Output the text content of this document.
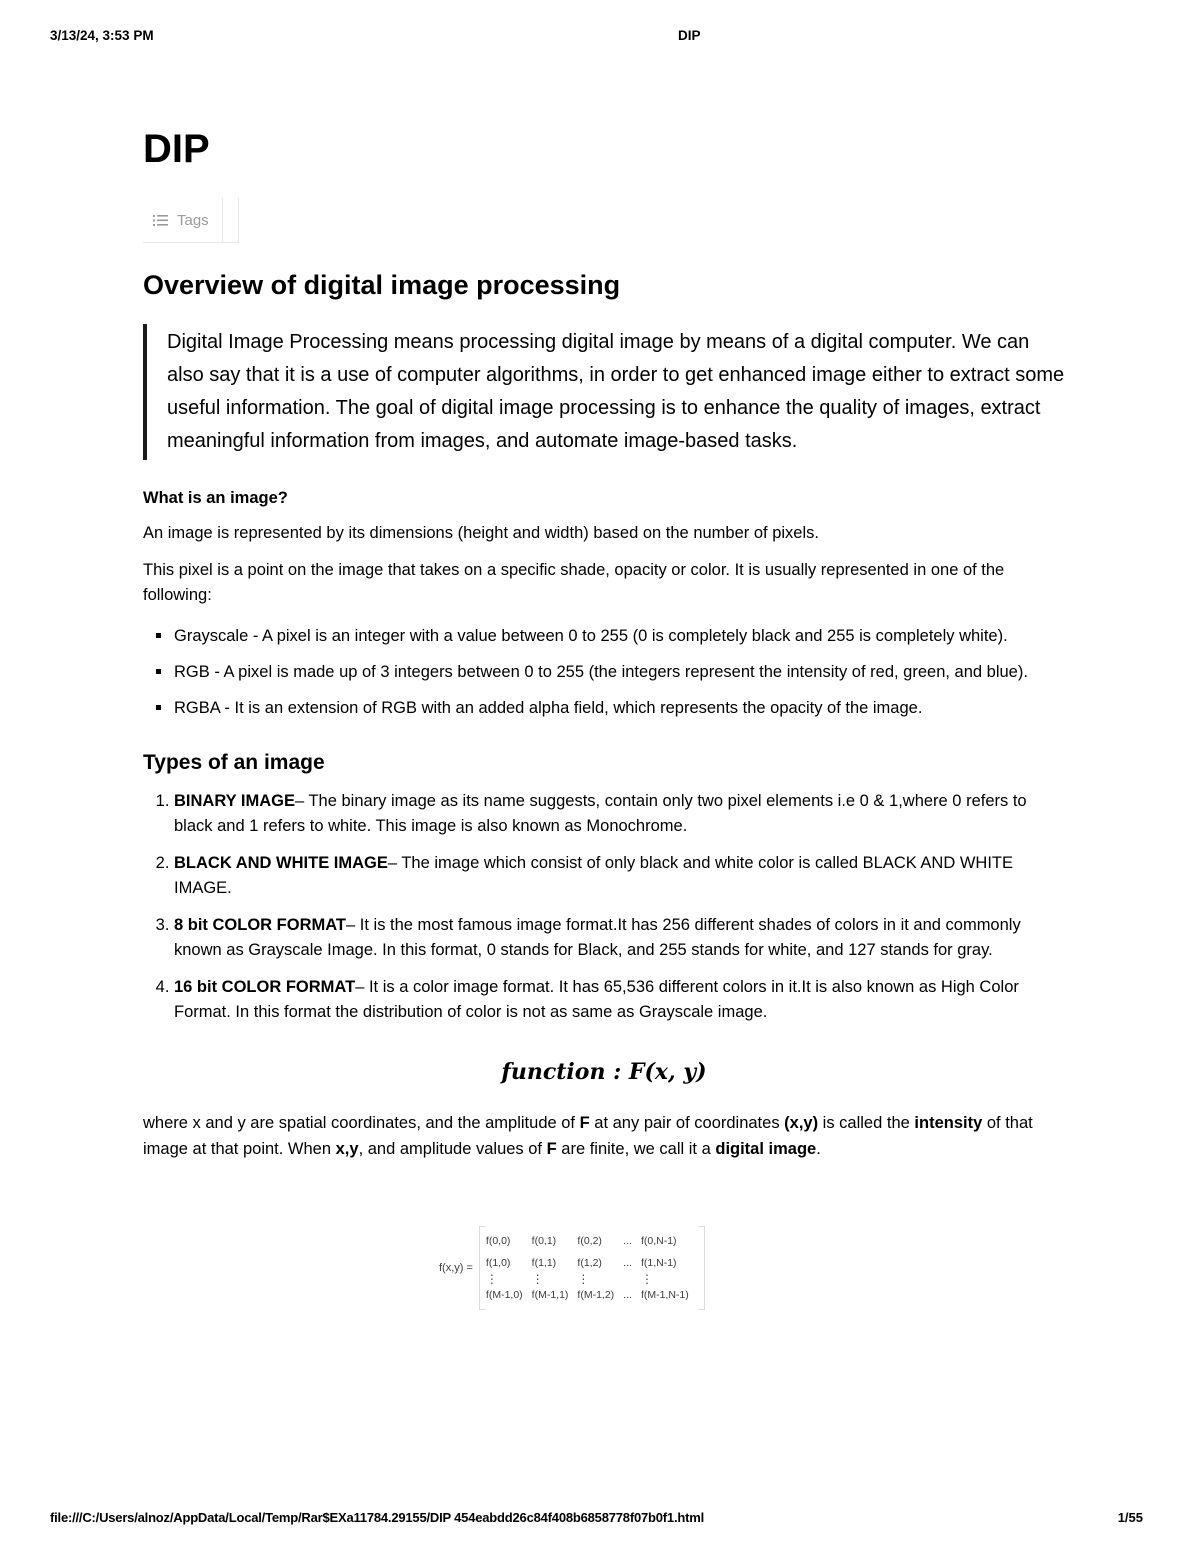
3/13/24, 3:53 PM	DIP
DIP
Tags
Overview of digital image processing
Digital Image Processing means processing digital image by means of a digital computer. We can also say that it is a use of computer algorithms, in order to get enhanced image either to extract some useful information. The goal of digital image processing is to enhance the quality of images, extract meaningful information from images, and automate image-based tasks.
What is an image?

An image is represented by its dimensions (height and width) based on the number of pixels.

This pixel is a point on the image that takes on a specific shade, opacity or color. It is usually represented in one of the following:

Grayscale - A pixel is an integer with a value between 0 to 255 (0 is completely black and 255 is completely white).
RGB - A pixel is made up of 3 integers between 0 to 255 (the integers represent the intensity of red, green, and blue).
RGBA - It is an extension of RGB with an added alpha field, which represents the opacity of the image.
Types of an image
1. BINARY IMAGE– The binary image as its name suggests, contain only two pixel elements i.e 0 & 1,where 0 refers to black and 1 refers to white. This image is also known as Monochrome.
2. BLACK AND WHITE IMAGE– The image which consist of only black and white color is called BLACK AND WHITE IMAGE.
3. 8 bit COLOR FORMAT– It is the most famous image format.It has 256 different shades of colors in it and commonly known as Grayscale Image. In this format, 0 stands for Black, and 255 stands for white, and 127 stands for gray.
4. 16 bit COLOR FORMAT– It is a color image format. It has 65,536 different colors in it.It is also known as High Color Format. In this format the distribution of color is not as same as Grayscale image.
function : F(x, y)

where x and y are spatial coordinates, and the amplitude of F at any pair of coordinates (x,y) is called the intensity of that image at that point. When x,y, and amplitude values of F are finite, we call it a digital image.

f(x,y) =
f(0,0)	f(0,1)	f(0,2)	...	f(0,N-1)
f(1,0)	f(1,1)	f(1,2)	...	f(1,N-1)
⋮	⋮	⋮		⋮
f(M-1,0)	f(M-1,1)	f(M-1,2)	...	f(M-1,N-1)
file:///C:/Users/alnoz/AppData/Local/Temp/Rar$EXa11784.29155/DIP 454eabdd26c84f408b6858778f07b0f1.html	1/55
